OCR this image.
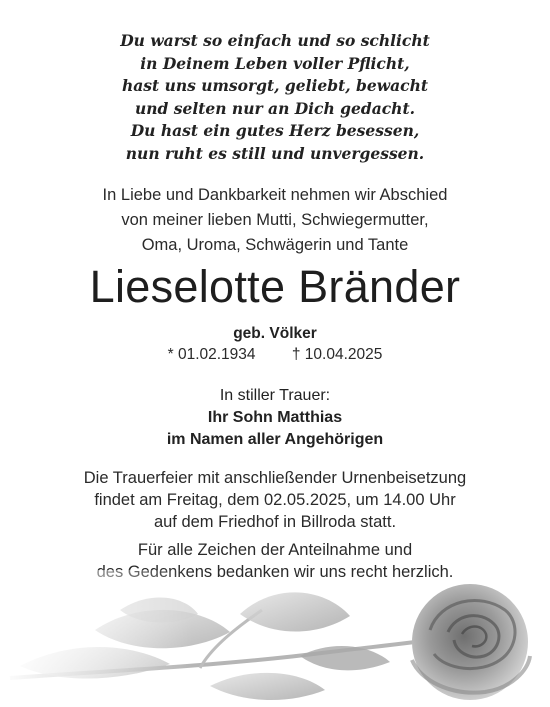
Du warst so einfach und so schlicht
in Deinem Leben voller Pflicht,
hast uns umsorgt, geliebt, bewacht
und selten nur an Dich gedacht.
Du hast ein gutes Herz besessen,
nun ruht es still und unvergessen.
In Liebe und Dankbarkeit nehmen wir Abschied
von meiner lieben Mutti, Schwiegermutter,
Oma, Uroma, Schwägerin und Tante
Lieselotte Bränder
geb. Völker
* 01.02.1934 † 10.04.2025
In stiller Trauer:
Ihr Sohn Matthias
im Namen aller Angehörigen
Die Trauerfeier mit anschließender Urnenbeisetzung
findet am Freitag, dem 02.05.2025, um 14.00 Uhr
auf dem Friedhof in Billroda statt.
Für alle Zeichen der Anteilnahme und
